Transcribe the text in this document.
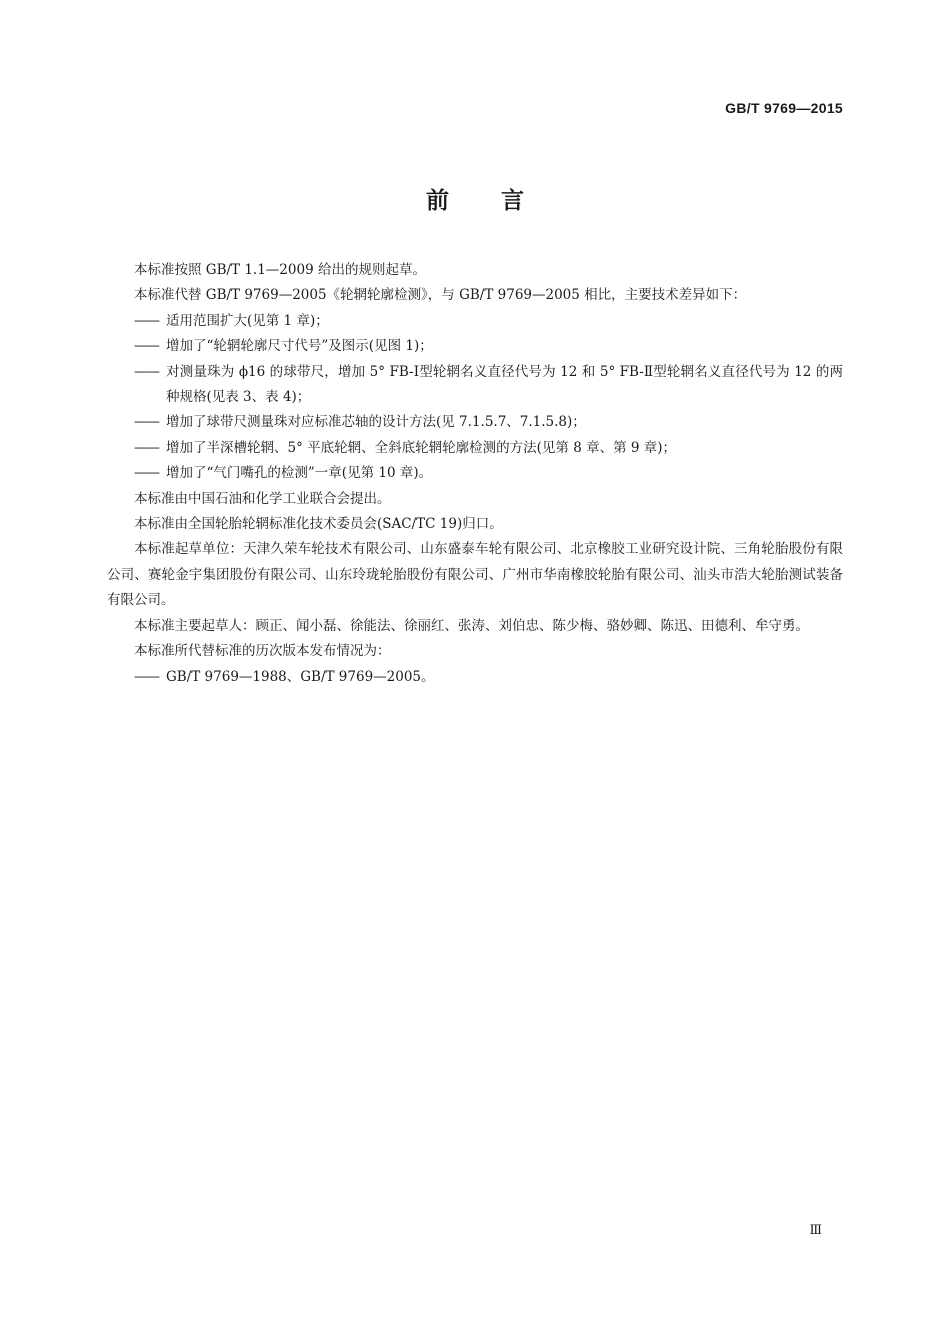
GB/T 9769—2015
前 言

本标准按照 GB/T 1.1—2009 给出的规则起草。

本标准代替 GB/T 9769—2005《轮辋轮廓检测》，与 GB/T 9769—2005 相比，主要技术差异如下：

—— 适用范围扩大(见第 1 章)；

—— 增加了“轮辋轮廓尺寸代号”及图示(见图 1)；

—— 对测量珠为 ϕ16 的球带尺，增加 5° FB-Ⅰ型轮辋名义直径代号为 12 和 5° FB-Ⅱ型轮辋名义直径代号为 12 的两种规格(见表 3、表 4)；

—— 增加了球带尺测量珠对应标准芯轴的设计方法(见 7.1.5.7、7.1.5.8)；

—— 增加了半深槽轮辋、5° 平底轮辋、全斜底轮辋轮廓检测的方法(见第 8 章、第 9 章)；

—— 增加了“气门嘴孔的检测”一章(见第 10 章)。

本标准由中国石油和化学工业联合会提出。

本标准由全国轮胎轮辋标准化技术委员会(SAC/TC 19)归口。

本标准起草单位：天津久荣车轮技术有限公司、山东盛泰车轮有限公司、北京橡胶工业研究设计院、三角轮胎股份有限公司、赛轮金宇集团股份有限公司、山东玲珑轮胎股份有限公司、广州市华南橡胶轮胎有限公司、汕头市浩大轮胎测试装备有限公司。

本标准主要起草人：顾正、闻小磊、徐能法、徐丽红、张涛、刘伯忠、陈少梅、骆妙卿、陈迅、田德利、牟守勇。

本标准所代替标准的历次版本发布情况为：

—— GB/T 9769—1988、GB/T 9769—2005。

Ⅲ
